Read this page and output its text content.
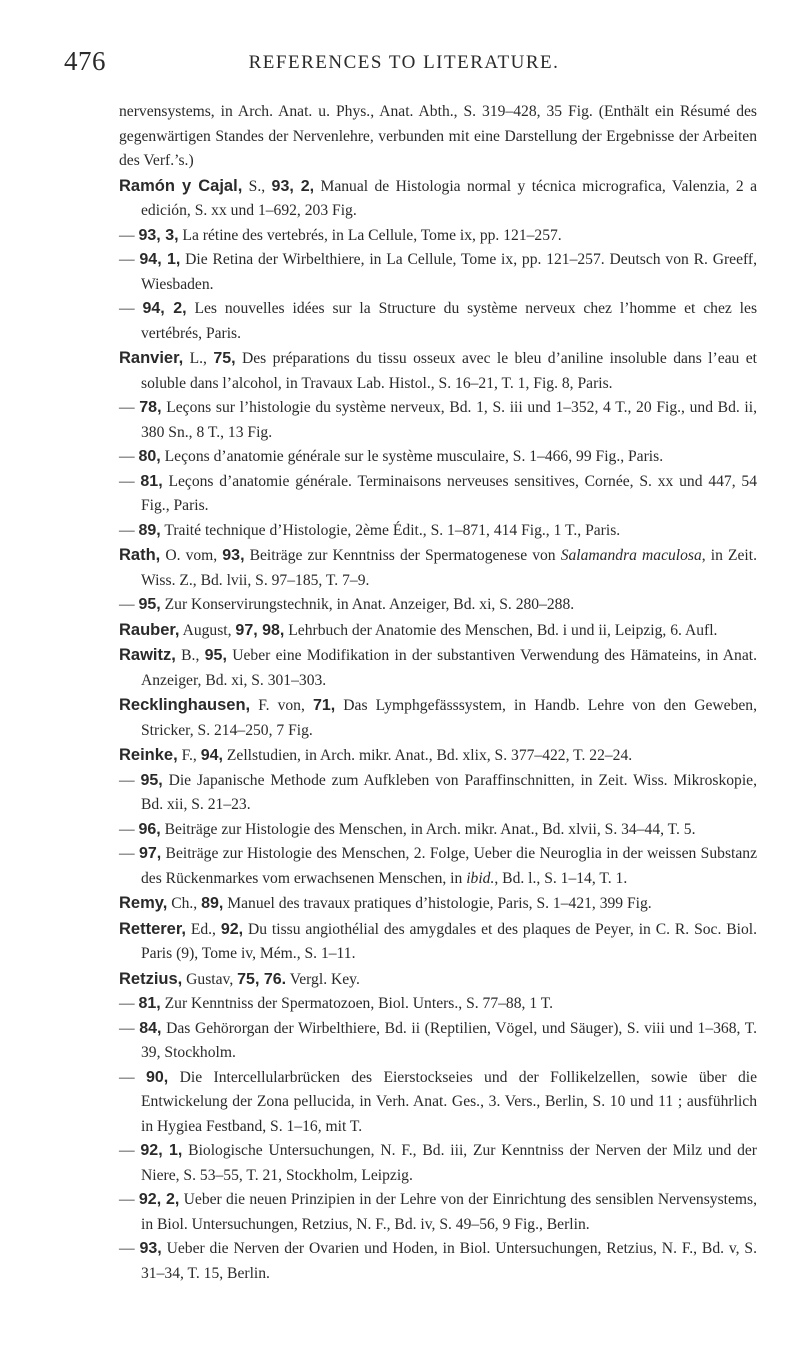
476	REFERENCES TO LITERATURE.
nervensystems, in Arch. Anat. u. Phys., Anat. Abth., S. 319–428, 35 Fig. (Enthält ein Résumé des gegenwärtigen Standes der Nervenlehre, verbunden mit eine Darstellung der Ergebnisse der Arbeiten des Verf.’s.)
Ramón y Cajal, S., 93, 2, Manual de Histologia normal y técnica micrografica, Valenzia, 2 a edición, S. xx und 1–692, 203 Fig.
— 93, 3, La rétine des vertebrés, in La Cellule, Tome ix, pp. 121–257.
— 94, 1, Die Retina der Wirbelthiere, in La Cellule, Tome ix, pp. 121–257. Deutsch von R. Greeff, Wiesbaden.
— 94, 2, Les nouvelles idées sur la Structure du système nerveux chez l’homme et chez les vertébrés, Paris.
Ranvier, L., 75, Des préparations du tissu osseux avec le bleu d’aniline insoluble dans l’eau et soluble dans l’alcohol, in Travaux Lab. Histol., S. 16–21, T. 1, Fig. 8, Paris.
— 78, Leçons sur l’histologie du système nerveux, Bd. 1, S. iii und 1–352, 4 T., 20 Fig., und Bd. ii, 380 Sn., 8 T., 13 Fig.
— 80, Leçons d’anatomie générale sur le système musculaire, S. 1–466, 99 Fig., Paris.
— 81, Leçons d’anatomie générale. Terminaisons nerveuses sensitives, Cornée, S. xx und 447, 54 Fig., Paris.
— 89, Traité technique d’Histologie, 2ème Édit., S. 1–871, 414 Fig., 1 T., Paris.
Rath, O. vom, 93, Beiträge zur Kenntniss der Spermatogenese von Salamandra maculosa, in Zeit. Wiss. Z., Bd. lvii, S. 97–185, T. 7–9.
— 95, Zur Konservirungstechnik, in Anat. Anzeiger, Bd. xi, S. 280–288.
Rauber, August, 97, 98, Lehrbuch der Anatomie des Menschen, Bd. i und ii, Leipzig, 6. Aufl.
Rawitz, B., 95, Ueber eine Modifikation in der substantiven Verwendung des Hämateins, in Anat. Anzeiger, Bd. xi, S. 301–303.
Recklinghausen, F. von, 71, Das Lymphgefässsystem, in Handb. Lehre von den Geweben, Stricker, S. 214–250, 7 Fig.
Reinke, F., 94, Zellstudien, in Arch. mikr. Anat., Bd. xlix, S. 377–422, T. 22–24.
— 95, Die Japanische Methode zum Aufkleben von Paraffinschnitten, in Zeit. Wiss. Mikroskopie, Bd. xii, S. 21–23.
— 96, Beiträge zur Histologie des Menschen, in Arch. mikr. Anat., Bd. xlvii, S. 34–44, T. 5.
— 97, Beiträge zur Histologie des Menschen, 2. Folge, Ueber die Neuroglia in der weissen Substanz des Rückenmarkes vom erwachsenen Menschen, in ibid., Bd. l., S. 1–14, T. 1.
Remy, Ch., 89, Manuel des travaux pratiques d’histologie, Paris, S. 1–421, 399 Fig.
Retterer, Ed., 92, Du tissu angiothélial des amygdales et des plaques de Peyer, in C. R. Soc. Biol. Paris (9), Tome iv, Mém., S. 1–11.
Retzius, Gustav, 75, 76. Vergl. Key.
— 81, Zur Kenntniss der Spermatozoen, Biol. Unters., S. 77–88, 1 T.
— 84, Das Gehörorgan der Wirbelthiere, Bd. ii (Reptilien, Vögel, und Säuger), S. viii und 1–368, T. 39, Stockholm.
— 90, Die Intercellularbrücken des Eierstockseies und der Follikelzellen, sowie über die Entwickelung der Zona pellucida, in Verh. Anat. Ges., 3. Vers., Berlin, S. 10 und 11 ; ausführlich in Hygiea Festband, S. 1–16, mit T.
— 92, 1, Biologische Untersuchungen, N. F., Bd. iii, Zur Kenntniss der Nerven der Milz und der Niere, S. 53–55, T. 21, Stockholm, Leipzig.
— 92, 2, Ueber die neuen Prinzipien in der Lehre von der Einrichtung des sensiblen Nervensystems, in Biol. Untersuchungen, Retzius, N. F., Bd. iv, S. 49–56, 9 Fig., Berlin.
— 93, Ueber die Nerven der Ovarien und Hoden, in Biol. Untersuchungen, Retzius, N. F., Bd. v, S. 31–34, T. 15, Berlin.
